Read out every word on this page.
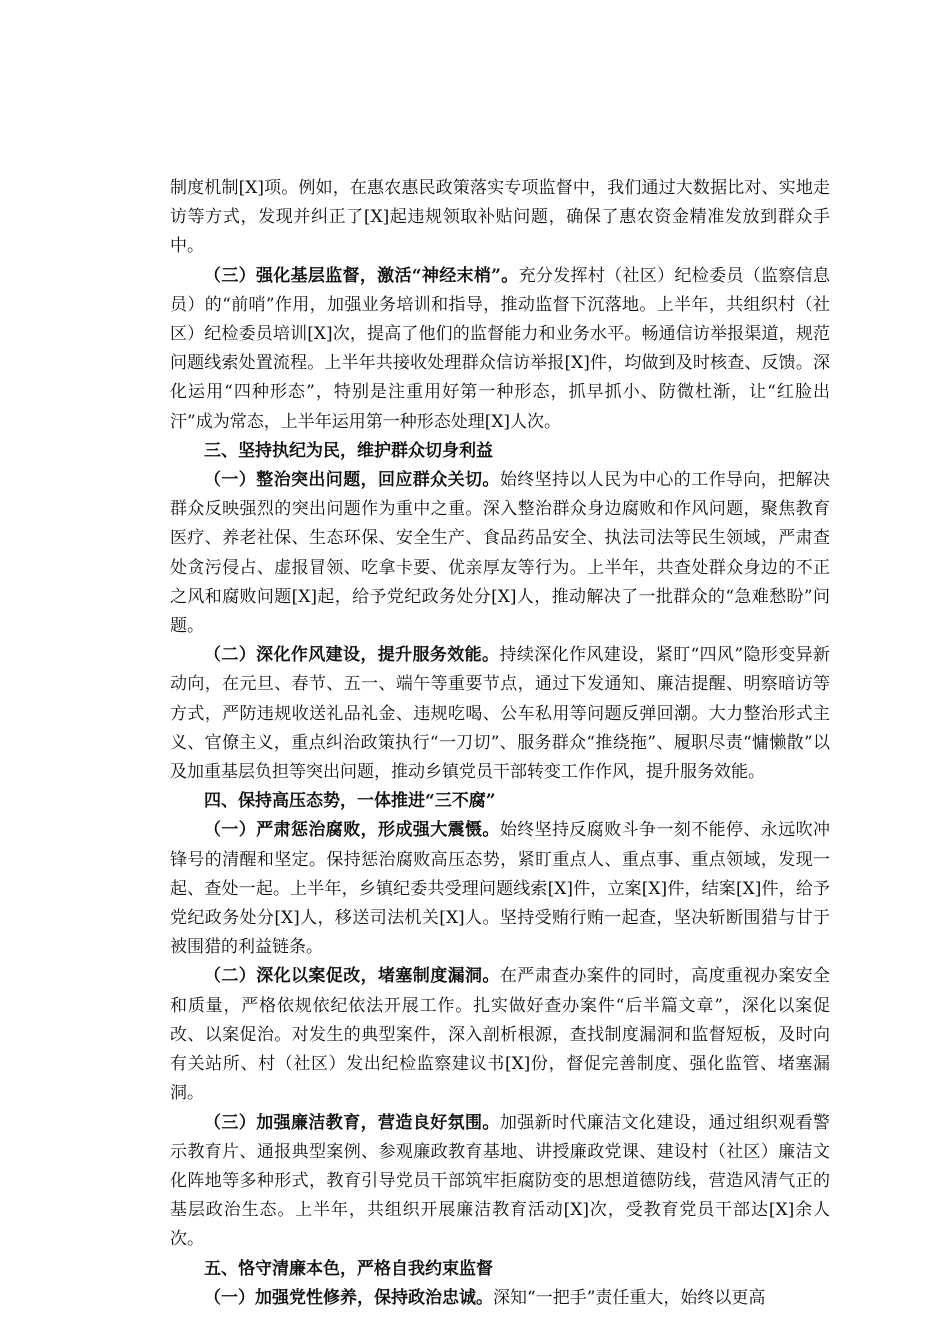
制度机制[X]项。例如，在惠农惠民政策落实专项监督中，我们通过大数据比对、实地走访等方式，发现并纠正了[X]起违规领取补贴问题，确保了惠农资金精准发放到群众手中。

（三）强化基层监督，激活“神经末梢”。充分发挥村（社区）纪检委员（监察信息员）的“前哨”作用，加强业务培训和指导，推动监督下沉落地。上半年，共组织村（社区）纪检委员培训[X]次，提高了他们的监督能力和业务水平。畅通信访举报渠道，规范问题线索处置流程。上半年共接收处理群众信访举报[X]件，均做到及时核查、反馈。深化运用“四种形态”，特别是注重用好第一种形态，抓早抓小、防微杜渐，让“红脸出汗”成为常态，上半年运用第一种形态处理[X]人次。

三、坚持执纪为民，维护群众切身利益

（一）整治突出问题，回应群众关切。始终坚持以人民为中心的工作导向，把解决群众反映强烈的突出问题作为重中之重。深入整治群众身边腐败和作风问题，聚焦教育医疗、养老社保、生态环保、安全生产、食品药品安全、执法司法等民生领域，严肃查处贪污侵占、虚报冒领、吃拿卡要、优亲厚友等行为。上半年，共查处群众身边的不正之风和腐败问题[X]起，给予党纪政务处分[X]人，推动解决了一批群众的“急难愁盼”问题。

（二）深化作风建设，提升服务效能。持续深化作风建设，紧盯“四风”隐形变异新动向，在元旦、春节、五一、端午等重要节点，通过下发通知、廉洁提醒、明察暗访等方式，严防违规收送礼品礼金、违规吃喝、公车私用等问题反弹回潮。大力整治形式主义、官僚主义，重点纠治政策执行“一刀切”、服务群众“推绕拖”、履职尽责“慵懒散”以及加重基层负担等突出问题，推动乡镇党员干部转变工作作风，提升服务效能。

四、保持高压态势，一体推进“三不腐”

（一）严肃惩治腐败，形成强大震慑。始终坚持反腐败斗争一刻不能停、永远吹冲锋号的清醒和坚定。保持惩治腐败高压态势，紧盯重点人、重点事、重点领域，发现一起、查处一起。上半年，乡镇纪委共受理问题线索[X]件，立案[X]件，结案[X]件，给予党纪政务处分[X]人，移送司法机关[X]人。坚持受贿行贿一起查，坚决斩断围猎与甘于被围猎的利益链条。

（二）深化以案促改，堵塞制度漏洞。在严肃查办案件的同时，高度重视办案安全和质量，严格依规依纪依法开展工作。扎实做好查办案件“后半篇文章”，深化以案促改、以案促治。对发生的典型案件，深入剖析根源，查找制度漏洞和监督短板，及时向有关站所、村（社区）发出纪检监察建议书[X]份，督促完善制度、强化监管、堵塞漏洞。

（三）加强廉洁教育，营造良好氛围。加强新时代廉洁文化建设，通过组织观看警示教育片、通报典型案例、参观廉政教育基地、讲授廉政党课、建设村（社区）廉洁文化阵地等多种形式，教育引导党员干部筑牢拒腐防变的思想道德防线，营造风清气正的基层政治生态。上半年，共组织开展廉洁教育活动[X]次，受教育党员干部达[X]余人次。

五、恪守清廉本色，严格自我约束监督

（一）加强党性修养，保持政治忠诚。深知“一把手”责任重大，始终以更高
